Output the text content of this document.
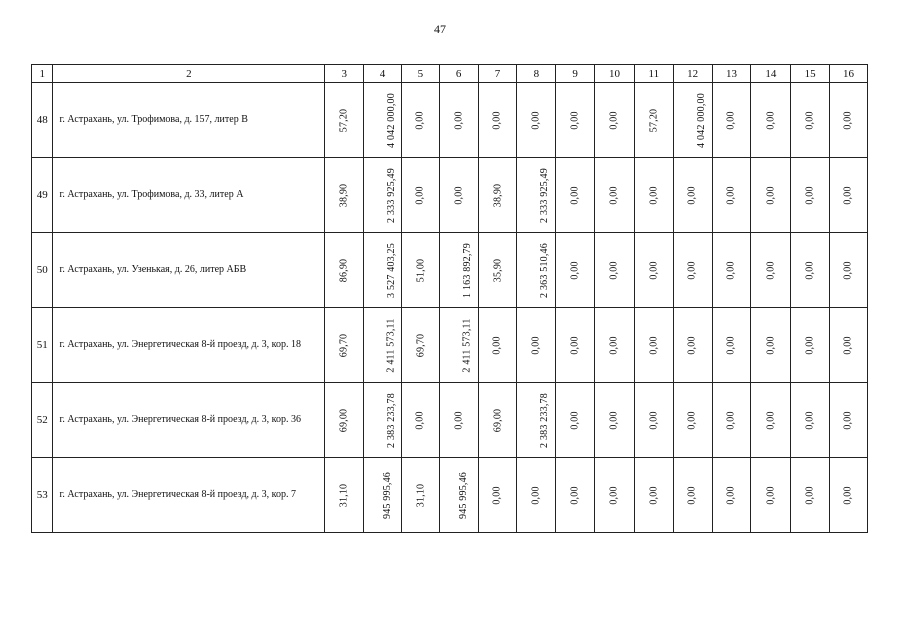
47
1	2	3	4	5	6	7	8	9	10	11	12	13	14	15	16
48	г. Астрахань, ул. Трофимова, д. 157, литер В	57,20	4 042 000,00	0,00	0,00	0,00	0,00	0,00	0,00	57,20	4 042 000,00	0,00	0,00	0,00	0,00
49	г. Астрахань, ул. Трофимова, д. 33, литер А	38,90	2 333 925,49	0,00	0,00	38,90	2 333 925,49	0,00	0,00	0,00	0,00	0,00	0,00	0,00	0,00
50	г. Астрахань, ул. Узенькая, д. 26, литер АБВ	86,90	3 527 403,25	51,00	1 163 892,79	35,90	2 363 510,46	0,00	0,00	0,00	0,00	0,00	0,00	0,00	0,00
51	г. Астрахань, ул. Энергетическая 8-й проезд, д. 3, кор. 18	69,70	2 411 573,11	69,70	2 411 573,11	0,00	0,00	0,00	0,00	0,00	0,00	0,00	0,00	0,00	0,00
52	г. Астрахань, ул. Энергетическая 8-й проезд, д. 3, кор. 36	69,00	2 383 233,78	0,00	0,00	69,00	2 383 233,78	0,00	0,00	0,00	0,00	0,00	0,00	0,00	0,00
53	г. Астрахань, ул. Энергетическая 8-й проезд, д. 3, кор. 7	31,10	945 995,46	31,10	945 995,46	0,00	0,00	0,00	0,00	0,00	0,00	0,00	0,00	0,00	0,00
